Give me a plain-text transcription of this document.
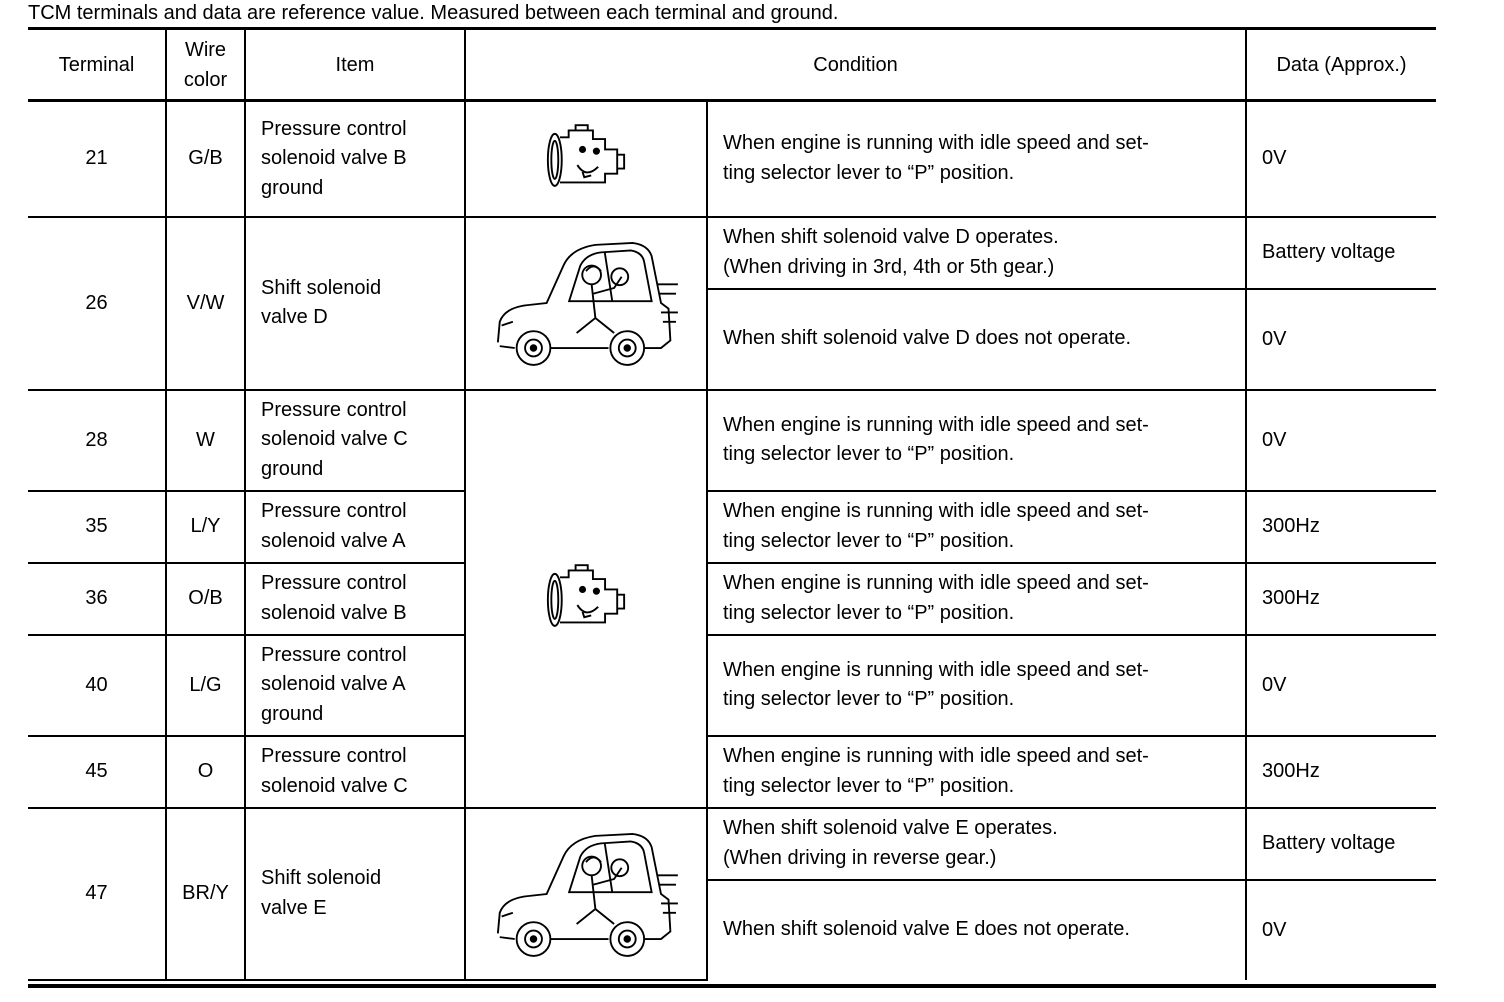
TCM terminals and data are reference value. Measured between each terminal and ground.
Terminal	Wire
color	Item	Condition		Data (Approx.)
21	G/B	Pressure control
solenoid valve B
ground		When engine is running with idle speed and set-
ting selector lever to “P” position.	0V
26	V/W	Shift solenoid
valve D		When shift solenoid valve D operates.
(When driving in 3rd, 4th or 5th gear.)	Battery voltage
				When shift solenoid valve D does not operate.	0V
28	W	Pressure control
solenoid valve C
ground		When engine is running with idle speed and set-
ting selector lever to “P” position.	0V
35	L/Y	Pressure control
solenoid valve A		When engine is running with idle speed and set-
ting selector lever to “P” position.	300Hz
36	O/B	Pressure control
solenoid valve B		When engine is running with idle speed and set-
ting selector lever to “P” position.	300Hz
40	L/G	Pressure control
solenoid valve A
ground		When engine is running with idle speed and set-
ting selector lever to “P” position.	0V
45	O	Pressure control
solenoid valve C		When engine is running with idle speed and set-
ting selector lever to “P” position.	300Hz
47	BR/Y	Shift solenoid
valve E		When shift solenoid valve E operates.
(When driving in reverse gear.)	Battery voltage
				When shift solenoid valve E does not operate.	0V
